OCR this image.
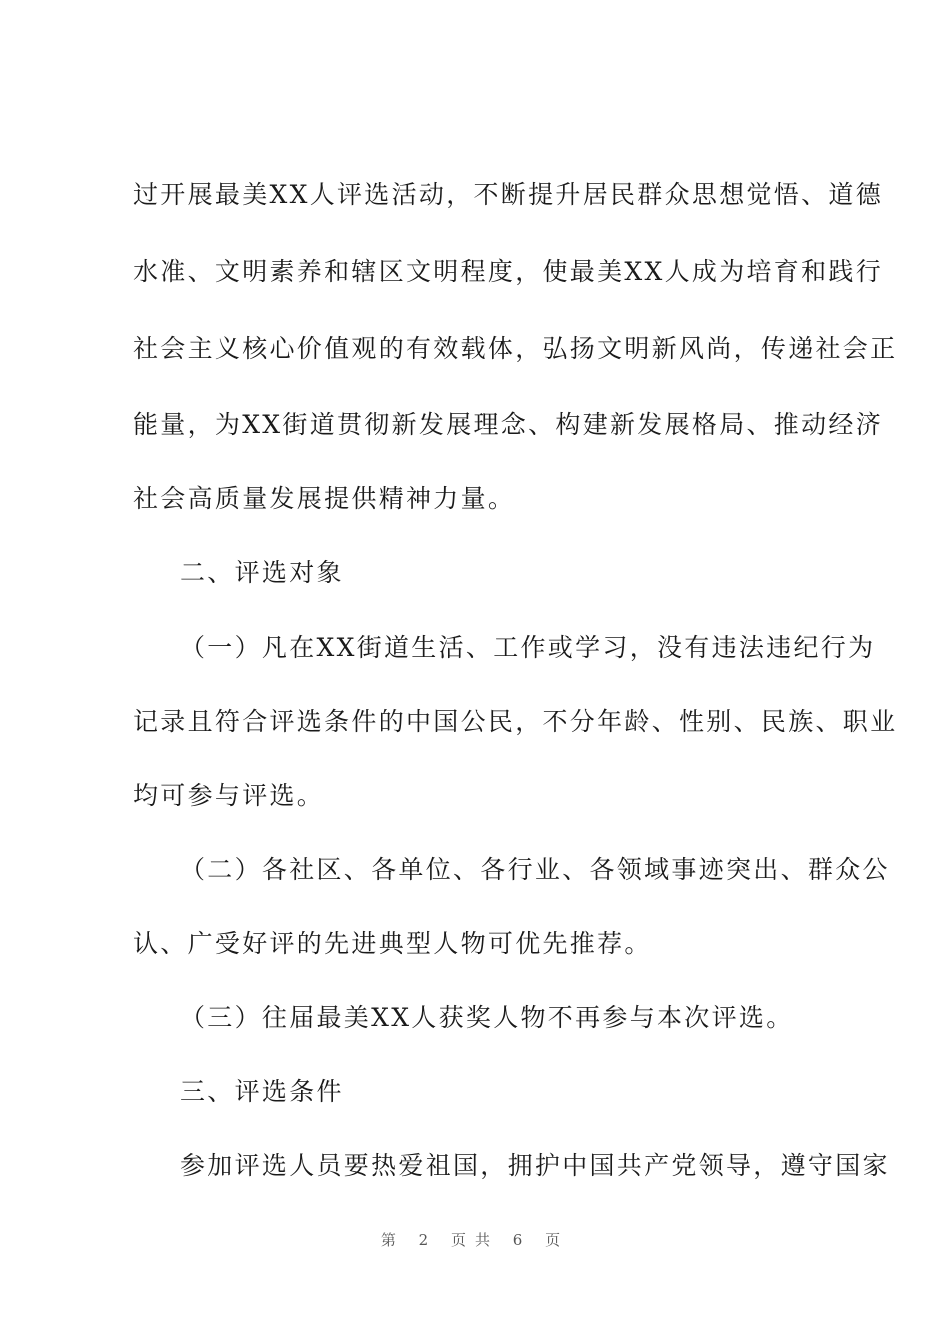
过开展最美XX人评选活动，不断提升居民群众思想觉悟、道德
水准、文明素养和辖区文明程度，使最美XX人成为培育和践行
社会主义核心价值观的有效载体，弘扬文明新风尚，传递社会正
能量，为XX街道贯彻新发展理念、构建新发展格局、推动经济
社会高质量发展提供精神力量。
二、评选对象
（一）凡在XX街道生活、工作或学习，没有违法违纪行为
记录且符合评选条件的中国公民，不分年龄、性别、民族、职业
均可参与评选。
（二）各社区、各单位、各行业、各领域事迹突出、群众公
认、广受好评的先进典型人物可优先推荐。
（三）往届最美XX人获奖人物不再参与本次评选。
三、评选条件
参加评选人员要热爱祖国，拥护中国共产党领导，遵守国家
第 2 页共 6 页
